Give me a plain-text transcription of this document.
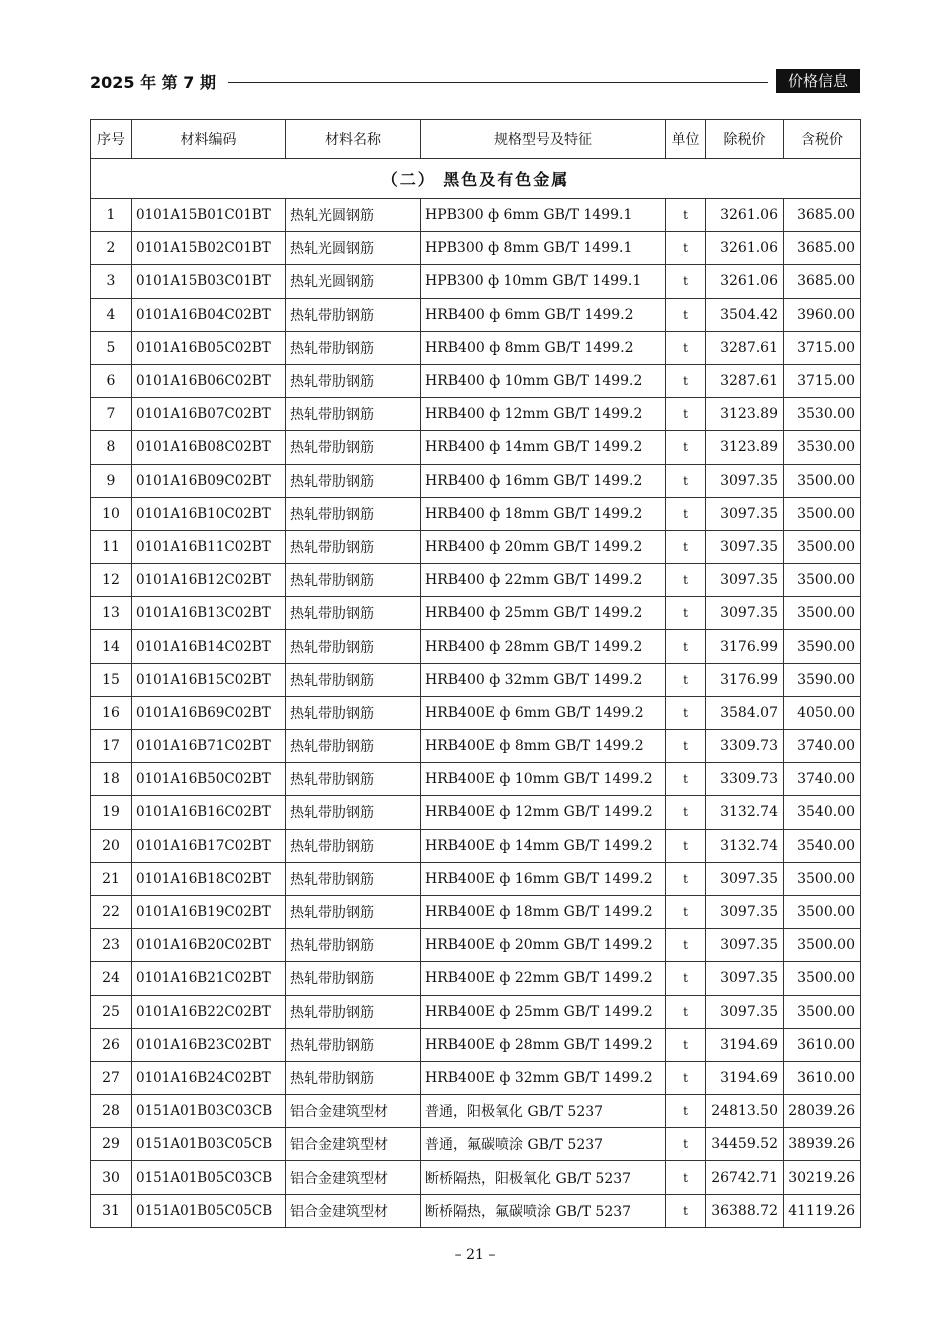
2025 年 第 7 期	价格信息
序号	材料编码	材料名称	规格型号及特征	单位	除税价	含税价
（二） 黑色及有色金属						
1	0101A15B01C01BT	热轧光圆钢筋	HPB300 ф 6mm GB/T 1499.1	t	3261.06	3685.00
2	0101A15B02C01BT	热轧光圆钢筋	HPB300 ф 8mm GB/T 1499.1	t	3261.06	3685.00
3	0101A15B03C01BT	热轧光圆钢筋	HPB300 ф 10mm GB/T 1499.1	t	3261.06	3685.00
4	0101A16B04C02BT	热轧带肋钢筋	HRB400 ф 6mm GB/T 1499.2	t	3504.42	3960.00
5	0101A16B05C02BT	热轧带肋钢筋	HRB400 ф 8mm GB/T 1499.2	t	3287.61	3715.00
6	0101A16B06C02BT	热轧带肋钢筋	HRB400 ф 10mm GB/T 1499.2	t	3287.61	3715.00
7	0101A16B07C02BT	热轧带肋钢筋	HRB400 ф 12mm GB/T 1499.2	t	3123.89	3530.00
8	0101A16B08C02BT	热轧带肋钢筋	HRB400 ф 14mm GB/T 1499.2	t	3123.89	3530.00
9	0101A16B09C02BT	热轧带肋钢筋	HRB400 ф 16mm GB/T 1499.2	t	3097.35	3500.00
10	0101A16B10C02BT	热轧带肋钢筋	HRB400 ф 18mm GB/T 1499.2	t	3097.35	3500.00
11	0101A16B11C02BT	热轧带肋钢筋	HRB400 ф 20mm GB/T 1499.2	t	3097.35	3500.00
12	0101A16B12C02BT	热轧带肋钢筋	HRB400 ф 22mm GB/T 1499.2	t	3097.35	3500.00
13	0101A16B13C02BT	热轧带肋钢筋	HRB400 ф 25mm GB/T 1499.2	t	3097.35	3500.00
14	0101A16B14C02BT	热轧带肋钢筋	HRB400 ф 28mm GB/T 1499.2	t	3176.99	3590.00
15	0101A16B15C02BT	热轧带肋钢筋	HRB400 ф 32mm GB/T 1499.2	t	3176.99	3590.00
16	0101A16B69C02BT	热轧带肋钢筋	HRB400E ф 6mm GB/T 1499.2	t	3584.07	4050.00
17	0101A16B71C02BT	热轧带肋钢筋	HRB400E ф 8mm GB/T 1499.2	t	3309.73	3740.00
18	0101A16B50C02BT	热轧带肋钢筋	HRB400E ф 10mm GB/T 1499.2	t	3309.73	3740.00
19	0101A16B16C02BT	热轧带肋钢筋	HRB400E ф 12mm GB/T 1499.2	t	3132.74	3540.00
20	0101A16B17C02BT	热轧带肋钢筋	HRB400E ф 14mm GB/T 1499.2	t	3132.74	3540.00
21	0101A16B18C02BT	热轧带肋钢筋	HRB400E ф 16mm GB/T 1499.2	t	3097.35	3500.00
22	0101A16B19C02BT	热轧带肋钢筋	HRB400E ф 18mm GB/T 1499.2	t	3097.35	3500.00
23	0101A16B20C02BT	热轧带肋钢筋	HRB400E ф 20mm GB/T 1499.2	t	3097.35	3500.00
24	0101A16B21C02BT	热轧带肋钢筋	HRB400E ф 22mm GB/T 1499.2	t	3097.35	3500.00
25	0101A16B22C02BT	热轧带肋钢筋	HRB400E ф 25mm GB/T 1499.2	t	3097.35	3500.00
26	0101A16B23C02BT	热轧带肋钢筋	HRB400E ф 28mm GB/T 1499.2	t	3194.69	3610.00
27	0101A16B24C02BT	热轧带肋钢筋	HRB400E ф 32mm GB/T 1499.2	t	3194.69	3610.00
28	0151A01B03C03CB	铝合金建筑型材	普通，阳极氧化 GB/T 5237	t	24813.50	28039.26
29	0151A01B03C05CB	铝合金建筑型材	普通，氟碳喷涂 GB/T 5237	t	34459.52	38939.26
30	0151A01B05C03CB	铝合金建筑型材	断桥隔热，阳极氧化 GB/T 5237	t	26742.71	30219.26
31	0151A01B05C05CB	铝合金建筑型材	断桥隔热，氟碳喷涂 GB/T 5237	t	36388.72	41119.26
– 21 –
